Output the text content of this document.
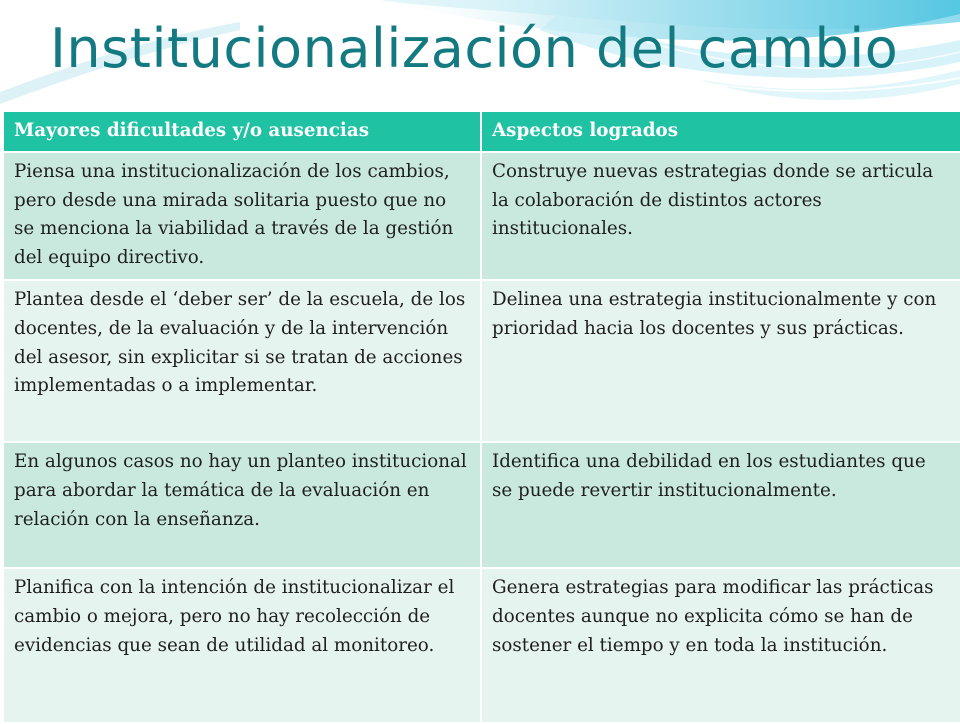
Institucionalización del cambio
Mayores dificultades y/o ausencias	Aspectos logrados
Piensa una institucionalización de los cambios, pero desde una mirada solitaria puesto que no se menciona la viabilidad a través de la gestión del equipo directivo.	Construye nuevas estrategias donde se articula la colaboración de distintos actores institucionales.
Plantea desde el ‘deber ser’ de la escuela, de los docentes, de la evaluación y de la intervención del asesor, sin explicitar si se tratan de acciones implementadas o a implementar.	Delinea una estrategia institucionalmente y con prioridad hacia los docentes y sus prácticas.
En algunos casos no hay un planteo institucional para abordar la temática de la evaluación en relación con la enseñanza.	Identifica una debilidad en los estudiantes que se puede revertir institucionalmente.
Planifica con la intención de institucionalizar el cambio o mejora, pero no hay recolección de evidencias que sean de utilidad al monitoreo.	Genera estrategias para modificar las prácticas docentes aunque no explicita cómo se han de sostener el tiempo y en toda la institución.
